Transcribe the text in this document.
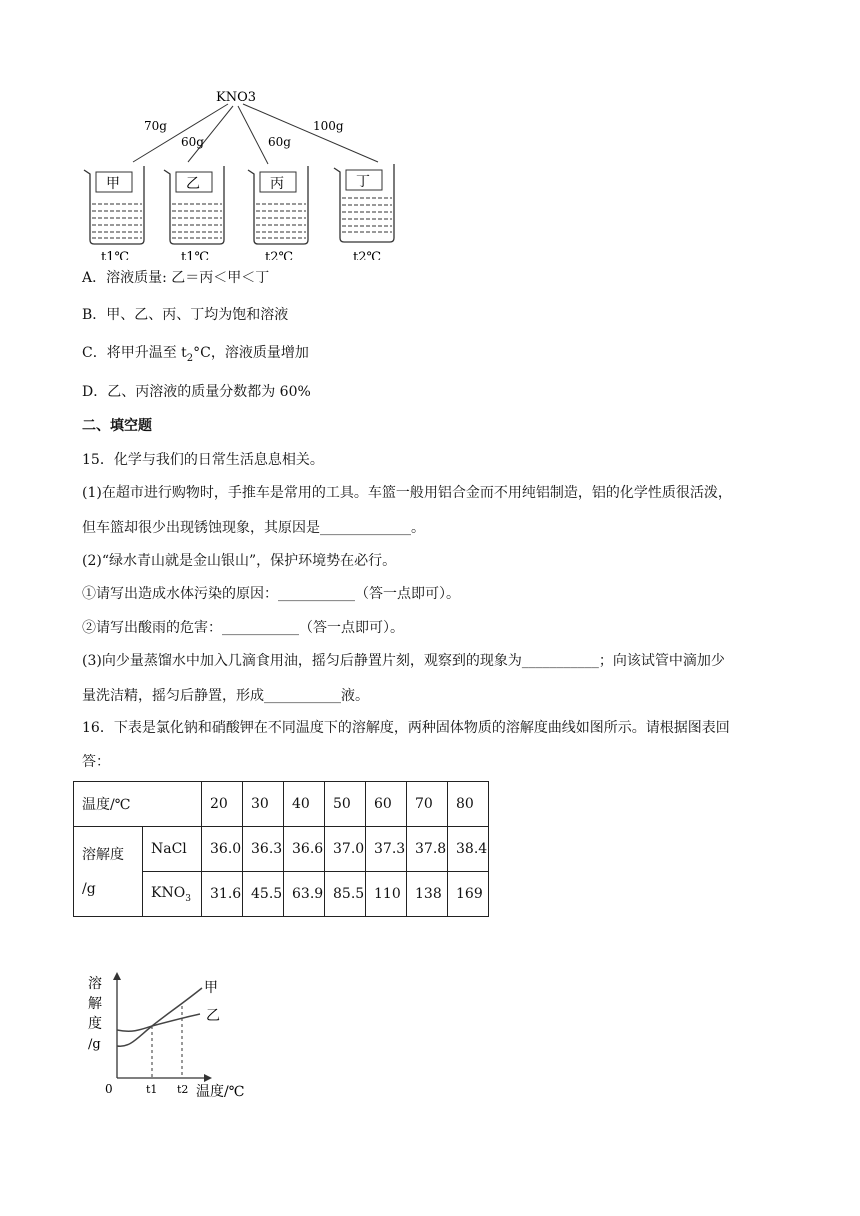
KNO3
70g
60g	60g
100g
甲
t1℃
乙
t1℃
丙
t2℃
丁
t2℃
A．溶液质量: 乙＝丙＜甲＜丁
B．甲、乙、丙、丁均为饱和溶液
C．将甲升温至 $t_2^\circ C$，溶液质量增加
D．乙、丙溶液的质量分数都为 60%
二、填空题
15．化学与我们的日常生活息息相关。
(1)在超市进行购物时，手推车是常用的工具。车篮一般用铝合金而不用纯铝制造，铝的化学性质很活泼，
但车篮却很少出现锈蚀现象，其原因是_____________。
(2)“绿水青山就是金山银山”，保护环境势在必行。
①请写出造成水体污染的原因：___________（答一点即可）。
②请写出酸雨的危害：___________（答一点即可）。
(3)向少量蒸馏水中加入几滴食用油，摇匀后静置片刻，观察到的现象为___________；向该试管中滴加少
量洗洁精，摇匀后静置，形成___________液。
16．下表是氯化钠和硝酸钾在不同温度下的溶解度，两种固体物质的溶解度曲线如图所示。请根据图表回
答：
温度/℃		20	30	40	50	60	70	80

溶解度
/g	NaCl	36.0	36.3	36.6	37.0	37.3	37.8	38.4
	$KNO_3$	31.6	45.5	63.9	85.5	110	138	169
溶
解
度
/g
甲
乙
0	t1 t2 温度/℃
